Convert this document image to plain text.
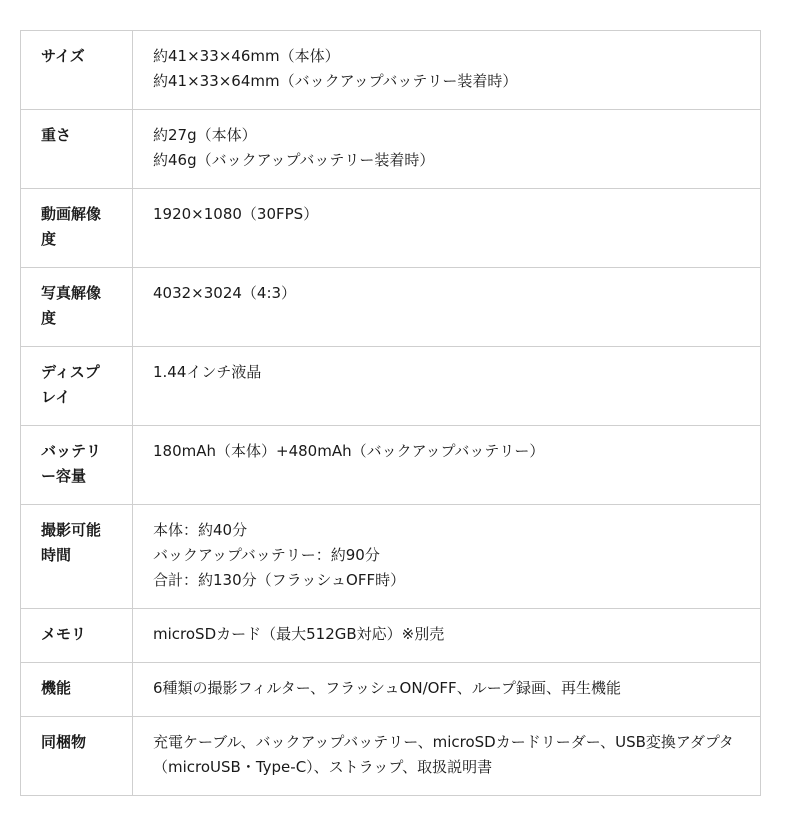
サイズ	約41×33×46mm（本体）
約41×33×64mm（バックアップバッテリー装着時）

重さ	約27g（本体）
約46g（バックアップバッテリー装着時）

動画解像度	1920×1080（30FPS）

写真解像度	4032×3024（4:3）

ディスプレイ	1.44インチ液晶

バッテリー容量	180mAh（本体）+480mAh（バックアップバッテリー）

撮影可能時間	本体：約40分
バックアップバッテリー：約90分
合計：約130分（フラッシュOFF時）

メモリ	microSDカード（最大512GB対応）※別売

機能	6種類の撮影フィルター、フラッシュON/OFF、ループ録画、再生機能

同梱物	充電ケーブル、バックアップバッテリー、microSDカードリーダー、USB変換アダプタ（microUSB・Type-C）、ストラップ、取扱説明書
